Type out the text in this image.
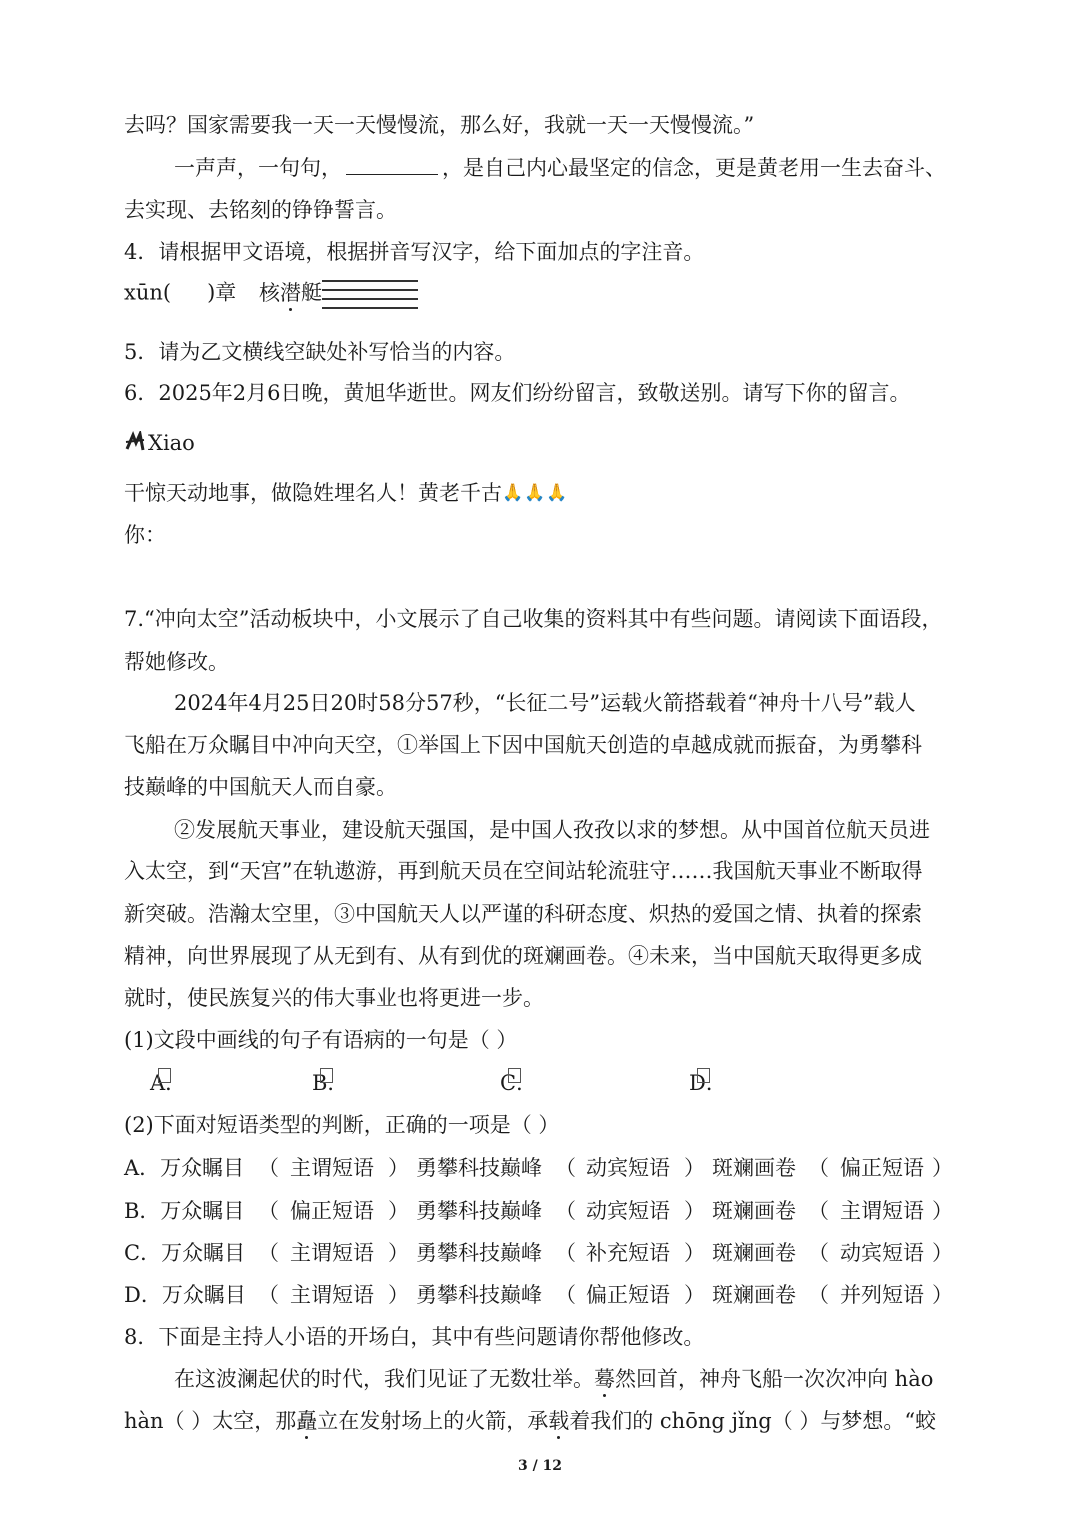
去吗？国家需要我一天一天慢慢流，那么好，我就一天一天慢慢流。”
一声声，一句句，	，是自己内心最坚定的信念，更是黄老用一生去奋斗、
去实现、去铭刻的铮铮誓言。
4．请根据甲文语境，根据拼音写汉字，给下面加点的字注音。
xūn( )章 核潜艇
5．请为乙文横线空缺处补写恰当的内容。
6．2025年2月6日晚，黄旭华逝世。网友们纷纷留言，致敬送别。请写下你的留言。
Xiao
干惊天动地事，做隐姓埋名人！黄老千古🙏🙏🙏
你：
7.“冲向太空”活动板块中，小文展示了自己收集的资料其中有些问题。请阅读下面语段，
帮她修改。
2024年4月25日20时58分57秒，“长征二号”运载火箭搭载着“神舟十八号”载人
飞船在万众瞩目中冲向天空，①举国上下因中国航天创造的卓越成就而振奋，为勇攀科
技巅峰的中国航天人而自豪。
②发展航天事业，建设航天强国，是中国人孜孜以求的梦想。从中国首位航天员进
入太空，到“天宫”在轨遨游，再到航天员在空间站轮流驻守……我国航天事业不断取得
新突破。浩瀚太空里，③中国航天人以严谨的科研态度、炽热的爱国之情、执着的探索
精神，向世界展现了从无到有、从有到优的斑斓画卷。④未来，当中国航天取得更多成
就时，使民族复兴的伟大事业也将更进一步。
(1)文段中画线的句子有语病的一句是（ ）
A．	B．	C．	D．
(2)下面对短语类型的判断，正确的一项是（ ）
A．万众瞩目 （ 主谓短语 ） 勇攀科技巅峰 （ 动宾短语 ） 斑斓画卷 （ 偏正短语 ）
B．万众瞩目 （ 偏正短语 ） 勇攀科技巅峰 （ 动宾短语 ） 斑斓画卷 （ 主谓短语 ）
C．万众瞩目 （ 主谓短语 ） 勇攀科技巅峰 （ 补充短语 ） 斑斓画卷 （ 动宾短语 ）
D．万众瞩目 （ 主谓短语 ） 勇攀科技巅峰 （ 偏正短语 ） 斑斓画卷 （ 并列短语 ）
8．下面是主持人小语的开场白，其中有些问题请你帮他修改。
在这波澜起伏的时代，我们见证了无数壮举。蓦然回首，神舟飞船一次次冲向 hào
hàn（ ）太空，那矗立在发射场上的火箭，承载着我们的 chōng jǐng（ ）与梦想。“蛟
3 / 12
